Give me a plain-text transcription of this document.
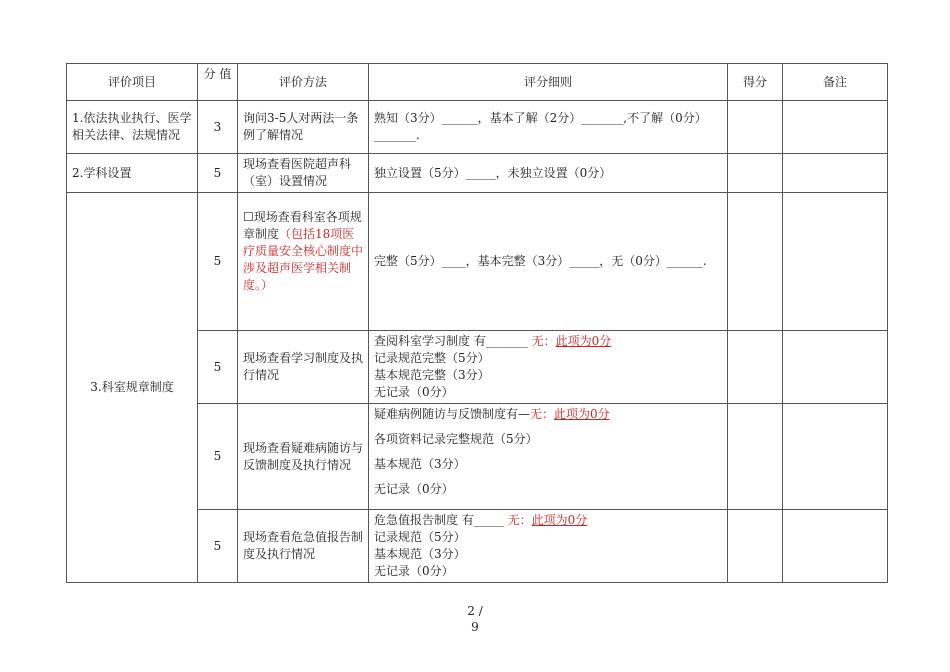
评价项目	分 值	评价方法	评分细则	得分	备注
1.依法执业执行、医学相关法律、法规情况	3	询问3-5人对两法一条例了解情况	熟知（3分）______，基本了解（2分）_______,不了解（0分）_______.		
2.学科设置	5	现场查看医院超声科（室）设置情况	独立设置（5分）_____，未独立设置（0分）		
3.科室规章制度	5	☐现场查看科室各项规章制度（包括18项医疗质量安全核心制度中涉及超声医学相关制度。）	完整（5分）____，基本完整（3分）_____，无（0分）______.		
	5	现场查看学习制度及执行情况	查阅科室学习制度 有_______ 无：此项为0分
记录规范完整（5分）
基本规范完整（3分）
无记录（0分）		

	5	现场查看疑难病随访与反馈制度及执行情况	疑难病例随访与反馈制度有—无：此项为0分
各项资料记录完整规范（5分）
基本规范（3分）
无记录（0分）		

	5	现场查看危急值报告制度及执行情况	危急值报告制度 有_____ 无：此项为0分
记录规范（5分）
基本规范（3分）
无记录（0分）		

2 /
9
